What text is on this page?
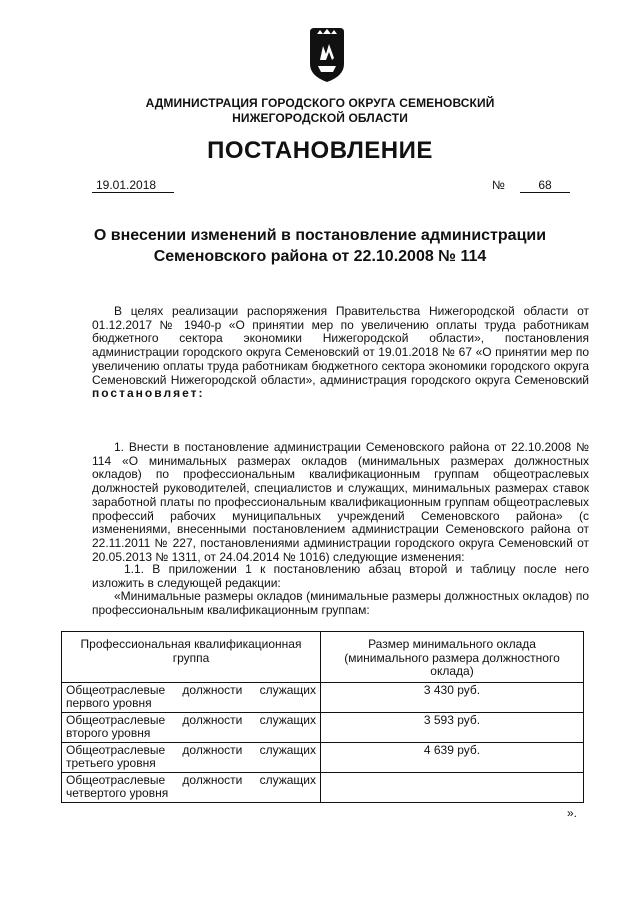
АДМИНИСТРАЦИЯ ГОРОДСКОГО ОКРУГА СЕМЕНОВСКИЙ
НИЖЕГОРОДСКОЙ ОБЛАСТИ
ПОСТАНОВЛЕНИЕ
19.01.2018	№	68
О внесении изменений в постановление администрации
Семеновского района от 22.10.2008 № 114
В целях реализации распоряжения Правительства Нижегородской области от 01.12.2017 № 1940-р «О принятии мер по увеличению оплаты труда работникам бюджетного сектора экономики Нижегородской области», постановления администрации городского округа Семеновский от 19.01.2018 № 67 «О принятии мер по увеличению оплаты труда работникам бюджетного сектора экономики городского округа Семеновский Нижегородской области», администрация городского округа Семеновский постановляет:
1. Внести в постановление администрации Семеновского района от 22.10.2008 № 114 «О минимальных размерах окладов (минимальных размерах должностных окладов) по профессиональным квалификационным группам общеотраслевых должностей руководителей, специалистов и служащих, минимальных размерах ставок заработной платы по профессиональным квалификационным группам общеотраслевых профессий рабочих муниципальных учреждений Семеновского района» (с изменениями, внесенными постановлением администрации Семеновского района от 22.11.2011 № 227, постановлениями администрации городского округа Семеновский от 20.05.2013 № 1311, от 24.04.2014 № 1016) следующие изменения:
1.1. В приложении 1 к постановлению абзац второй и таблицу после него изложить в следующей редакции:
«Минимальные размеры окладов (минимальные размеры должностных окладов) по профессиональным квалификационным группам:
Профессиональная квалификационная группа	Размер минимального оклада (минимального размера должностного оклада)
Общеотраслевые должности служащих первого уровня	3 430 руб.
Общеотраслевые должности служащих второго уровня	3 593 руб.
Общеотраслевые должности служащих третьего уровня	4 639 руб.
Общеотраслевые должности служащих четвертого уровня	
».
